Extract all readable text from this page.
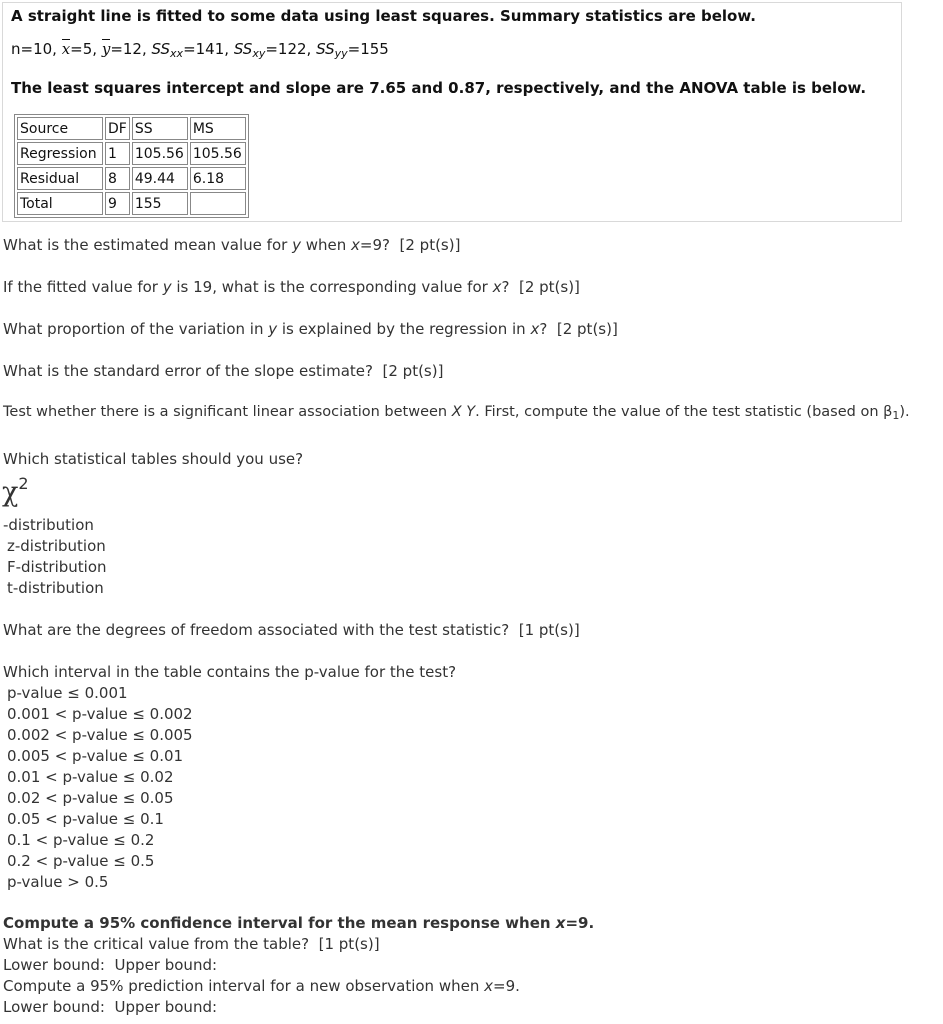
A straight line is fitted to some data using least squares. Summary statistics are below.
n=10,
x=5,
y=12, $SS_{xx}=141$, $SS_{xy}=122$, $SS_{yy}=155$
The least squares intercept and slope are 7.65 and 0.87, respectively, and the ANOVA table is below.
Source	DF	SS	MS
Regression	1	105.56	105.56
Residual	8	49.44	6.18
Total	9	155	
What is the estimated mean value for y when x=9? [2 pt(s)]
If the fitted value for y is 19, what is the corresponding value for x? [2 pt(s)]
What proportion of the variation in y is explained by the regression in x? [2 pt(s)]
What is the standard error of the slope estimate? [2 pt(s)]
Test whether there is a significant linear association between X Y. First, compute the value of the test statistic (based on $\beta_1$).
Which statistical tables should you use?
$\chi^2$
-distribution
z-distribution
F-distribution
t-distribution
What are the degrees of freedom associated with the test statistic? [1 pt(s)]
Which interval in the table contains the p-value for the test?
p-value ≤ 0.001
0.001 < p-value ≤ 0.002
0.002 < p-value ≤ 0.005
0.005 < p-value ≤ 0.01
0.01 < p-value ≤ 0.02
0.02 < p-value ≤ 0.05
0.05 < p-value ≤ 0.1
0.1 < p-value ≤ 0.2
0.2 < p-value ≤ 0.5
p-value > 0.5
Compute a 95% confidence interval for the mean response when x=9.
What is the critical value from the table? [1 pt(s)]
Lower bound: Upper bound:
Compute a 95% prediction interval for a new observation when x=9.
Lower bound: Upper bound:
